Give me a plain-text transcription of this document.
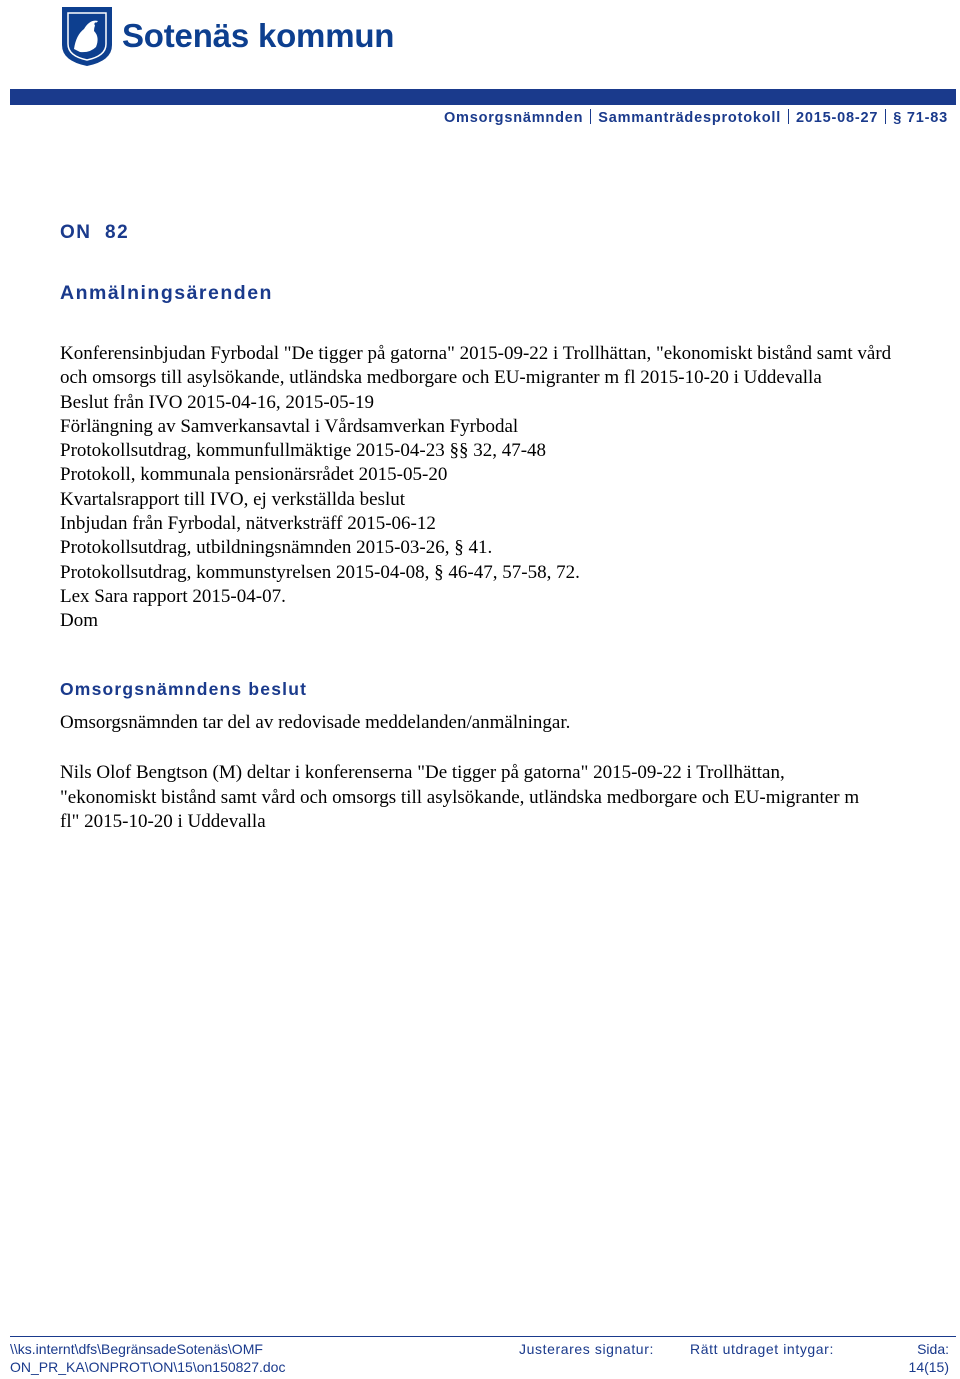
Sotenäs kommun
Omsorgsnämnden Sammanträdesprotokoll 2015-08-27 § 71-83
ON  82
Anmälningsärenden
Konferensinbjudan Fyrbodal "De tigger på gatorna" 2015-09-22 i Trollhättan, "ekonomiskt bistånd samt vård och omsorgs till asylsökande, utländska medborgare och EU-migranter m fl 2015-10-20 i Uddevalla
Beslut från IVO 2015-04-16, 2015-05-19
Förlängning av Samverkansavtal i Vårdsamverkan Fyrbodal
Protokollsutdrag, kommunfullmäktige 2015-04-23 §§ 32, 47-48
Protokoll, kommunala pensionärsrådet 2015-05-20
Kvartalsrapport till IVO, ej verkställda beslut
Inbjudan från Fyrbodal, nätverksträff 2015-06-12
Protokollsutdrag, utbildningsnämnden 2015-03-26, § 41.
Protokollsutdrag, kommunstyrelsen 2015-04-08, § 46-47, 57-58, 72.
Lex Sara rapport 2015-04-07.
Dom
Omsorgsnämndens beslut
Omsorgsnämnden tar del av redovisade meddelanden/anmälningar.
Nils Olof Bengtson (M) deltar i konferenserna "De tigger på gatorna" 2015-09-22 i Trollhättan, "ekonomiskt bistånd samt vård och omsorgs till asylsökande, utländska medborgare och EU-migranter m fl" 2015-10-20 i Uddevalla
\\ks.internt\dfs\BegränsadeSotenäs\OMF
ON_PR_KA\ONPROT\ON\15\on150827.doc
Justerares signatur:	Rätt utdraget intygar:	Sida:
14(15)
